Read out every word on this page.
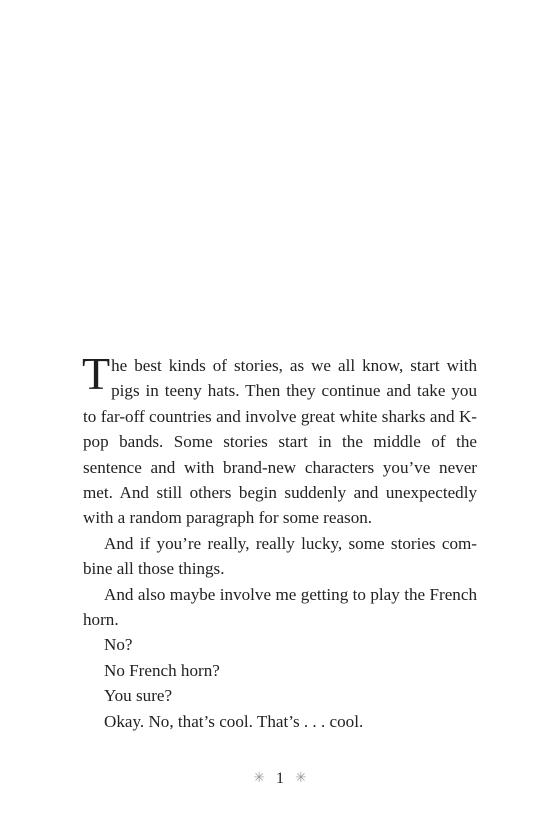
The best kinds of stories, as we all know, start with pigs in teeny hats. Then they continue and take you to far-off countries and involve great white sharks and K-pop bands. Some stories start in the middle of the sentence and with brand-new characters you’ve never met. And still others begin suddenly and unexpectedly with a random paragraph for some reason.

And if you’re really, really lucky, some stories com-bine all those things.

And also maybe involve me getting to play the French horn.

No?

No French horn?

You sure?

Okay. No, that’s cool. That’s . . . cool.

✳ 1 ✳
